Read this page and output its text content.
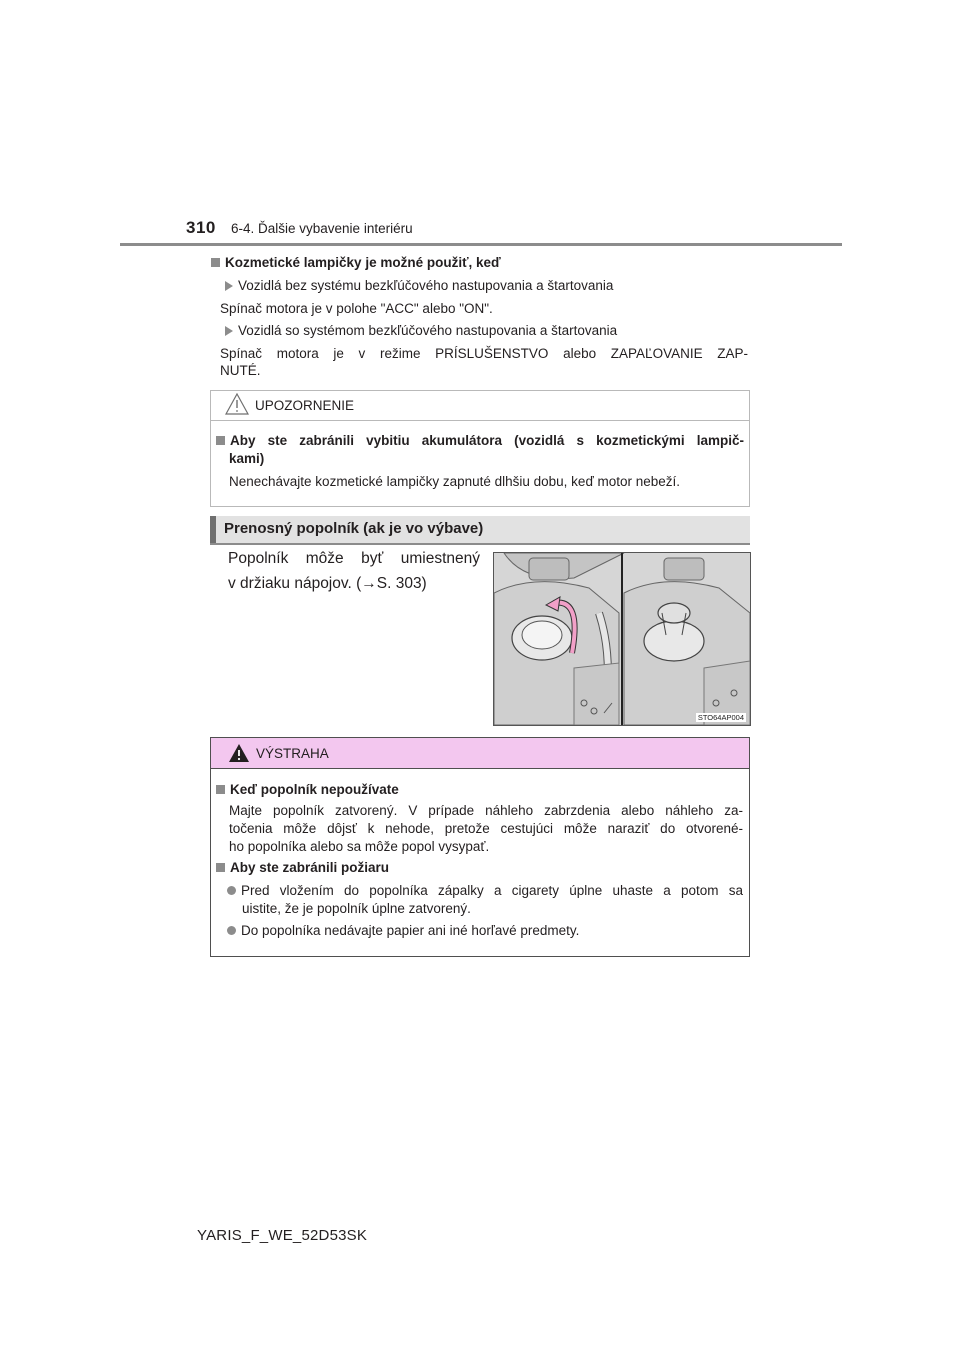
310 6-4. Ďalšie vybavenie interiéru
Kozmetické lampičky je možné použiť, keď
Vozidlá bez systému bezkľúčového nastupovania a štartovania
Spínač motora je v polohe "ACC" alebo "ON".
Vozidlá so systémom bezkľúčového nastupovania a štartovania
Spínač motora je v režime PRÍSLUŠENSTVO alebo ZAPAĽOVANIE ZAP-
NUTÉ.
UPOZORNENIE
Aby ste zabránili vybitiu akumulátora (vozidlá s kozmetickými lampič-
kami)
Nenechávajte kozmetické lampičky zapnuté dlhšiu dobu, keď motor nebeží.
Prenosný popolník (ak je vo výbave)
Popolník môže byť umiestnený
v držiaku nápojov. (→S. 303)
STO64AP004
VÝSTRAHA
Keď popolník nepoužívate
Majte popolník zatvorený. V prípade náhleho zabrzdenia alebo náhleho za-
točenia môže dôjsť k nehode, pretože cestujúci môže naraziť do otvorené-
ho popolníka alebo sa môže popol vysypať.
Aby ste zabránili požiaru
Pred vložením do popolníka zápalky a cigarety úplne uhaste a potom sa
uistite, že je popolník úplne zatvorený.
Do popolníka nedávajte papier ani iné horľavé predmety.
YARIS_F_WE_52D53SK
